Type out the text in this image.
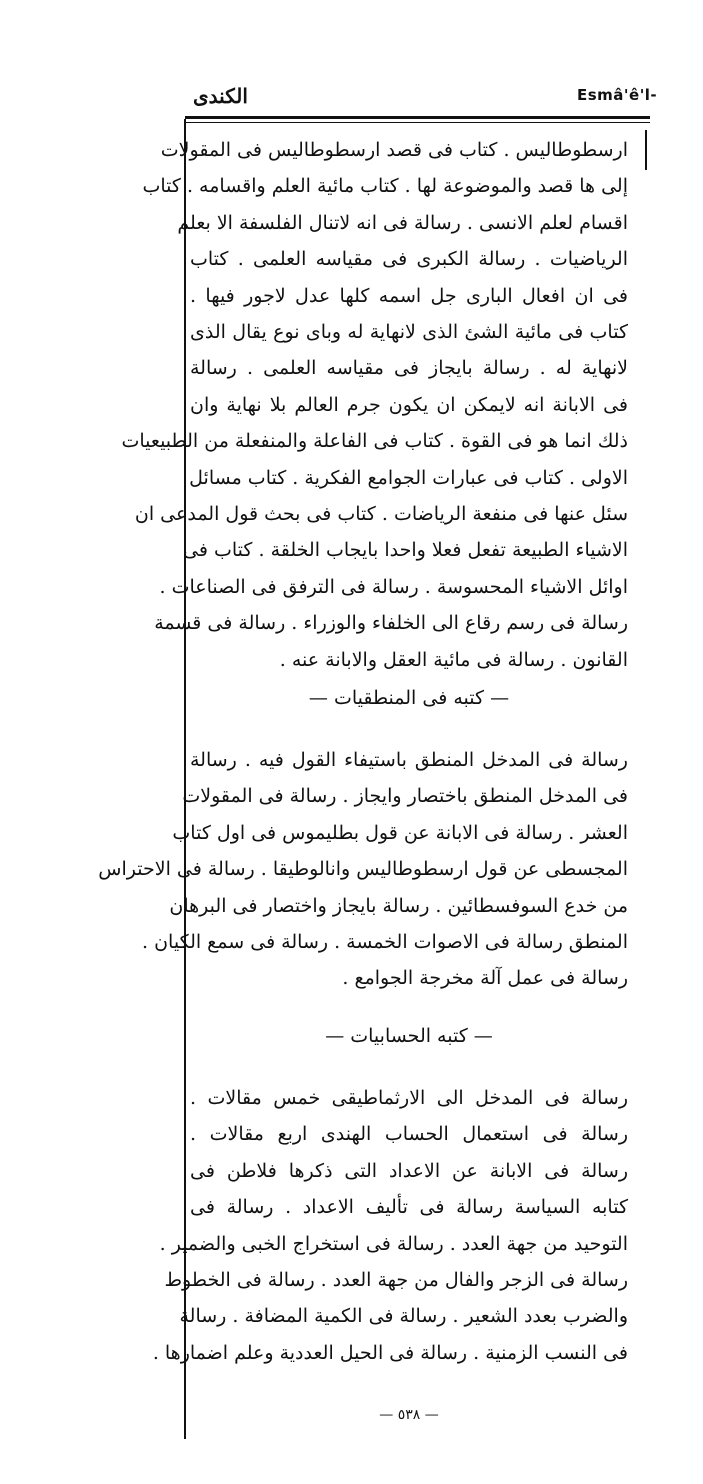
الكندى	Esmâ'ê'l-
ارسطوطاليس . كتاب فى قصد ارسطوطاليس فى المقولات
إلى ها قصد والموضوعة لها . كتاب مائية العلم واقسامه . كتاب
اقسام لعلم الانسى . رسالة فى انه لاتنال الفلسفة الا بعلم
الرياضيات . رسالة الكبرى فى مقياسه العلمى . كتاب
فى ان افعال البارى جل اسمه كلها عدل لاجور فيها .
كتاب فى مائية الشئ الذى لانهاية له وباى نوع يقال الذى
لانهاية له . رسالة بايجاز فى مقياسه العلمى . رسالة
فى الابانة انه لايمكن ان يكون جرم العالم بلا نهاية وان
ذلك انما هو فى القوة . كتاب فى الفاعلة والمنفعلة من الطبيعيات
الاولى . كتاب فى عبارات الجوامع الفكرية . كتاب مسائل
سئل عنها فى منفعة الرياضات . كتاب فى بحث قول المدعى ان
الاشياء الطبيعة تفعل فعلا واحدا بايجاب الخلقة . كتاب فى
اوائل الاشياء المحسوسة . رسالة فى الترفق فى الصناعات .
رسالة فى رسم رقاع الى الخلفاء والوزراء . رسالة فى قسمة
القانون . رسالة فى مائية العقل والابانة عنه .
— كتبه فى المنطقيات —
رسالة فى المدخل المنطق باستيفاء القول فيه . رسالة
فى المدخل المنطق باختصار وايجاز . رسالة فى المقولات
العشر . رسالة فى الابانة عن قول بطليموس فى اول كتاب
المجسطى عن قول ارسطوطاليس وانالوطيقا . رسالة فى الاحتراس
من خدع السوفسطائين . رسالة بايجاز واختصار فى البرهان
المنطق رسالة فى الاصوات الخمسة . رسالة فى سمع الكيان .
رسالة فى عمل آلة مخرجة الجوامع .
— كتبه الحسابيات —
رسالة فى المدخل الى الارثماطيقى خمس مقالات .
رسالة فى استعمال الحساب الهندى اربع مقالات .
رسالة فى الابانة عن الاعداد التى ذكرها فلاطن فى
كتابه السياسة رسالة فى تأليف الاعداد . رسالة فى
التوحيد من جهة العدد . رسالة فى استخراج الخبى والضمير .
رسالة فى الزجر والفال من جهة العدد . رسالة فى الخطوط
والضرب بعدد الشعير . رسالة فى الكمية المضافة . رسالة
فى النسب الزمنية . رسالة فى الحيل العددية وعلم اضمارها .
— ٥٣٨ —
